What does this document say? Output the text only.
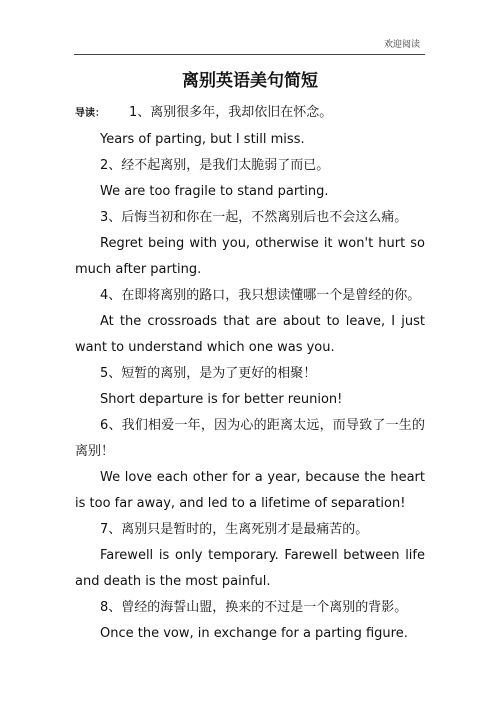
欢迎阅读
离别英语美句简短

导读： 1、离别很多年，我却依旧在怀念。

Years of parting, but I still miss.

2、经不起离别，是我们太脆弱了而已。

We are too fragile to stand parting.

3、后悔当初和你在一起，不然离别后也不会这么痛。

Regret being with you, otherwise it won't hurt so much after parting.

4、在即将离别的路口，我只想读懂哪一个是曾经的你。

At the crossroads that are about to leave, I just want to understand which one was you.

5、短暂的离别，是为了更好的相聚！

Short departure is for better reunion!

6、我们相爱一年，因为心的距离太远，而导致了一生的离别！

We love each other for a year, because the heart is too far away, and led to a lifetime of separation!

7、离别只是暂时的，生离死别才是最痛苦的。

Farewell is only temporary. Farewell between life and death is the most painful.

8、曾经的海誓山盟，换来的不过是一个离别的背影。

Once the vow, in exchange for a parting figure.
